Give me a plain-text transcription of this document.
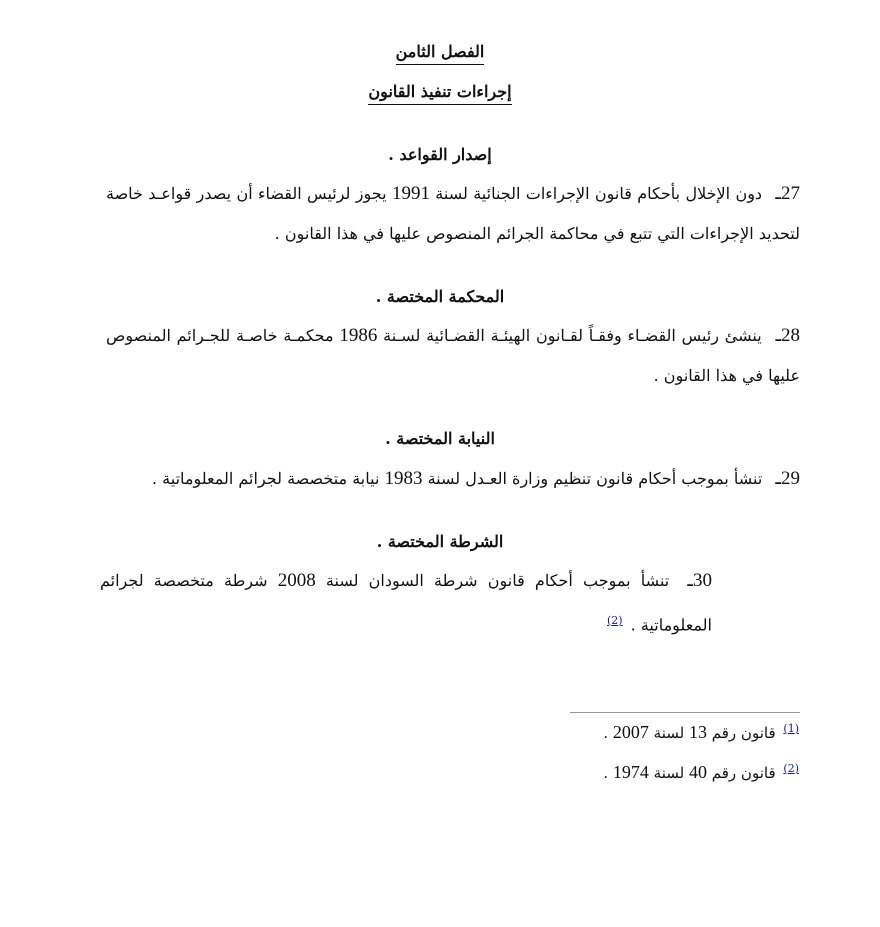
الفصل الثامن
إجراءات تنفيذ القانون
إصدار القواعد .
27ـ دون الإخلال بأحكام قانون الإجراءات الجنائية لسنة 1991 يجوز لرئيس القضاء أن يصدر قواعـد خاصة لتحديد الإجراءات التي تتبع في محاكمة الجرائم المنصوص عليها في هذا القانون .
المحكمة المختصة .
28ـ ينشئ رئيس القضـاء وفقـاً لقـانون الهيئـة القضـائية لسـنة 1986 محكمـة خاصـة للجـرائم المنصوص عليها في هذا القانون .
النيابة المختصة .
29ـ تنشأ بموجب أحكام قانون تنظيم وزارة العـدل لسنة 1983 نيابة متخصصة لجرائم المعلوماتية .
الشرطة المختصة .
30ـ تنشأ بموجب أحكام قانون شرطة السودان لسنة 2008 شرطة متخصصة لجرائم المعلوماتية . $^{(2)}$
$^{(1)}$ قانون رقم 13 لسنة 2007 .
$^{(2)}$ قانون رقم 40 لسنة 1974 .
